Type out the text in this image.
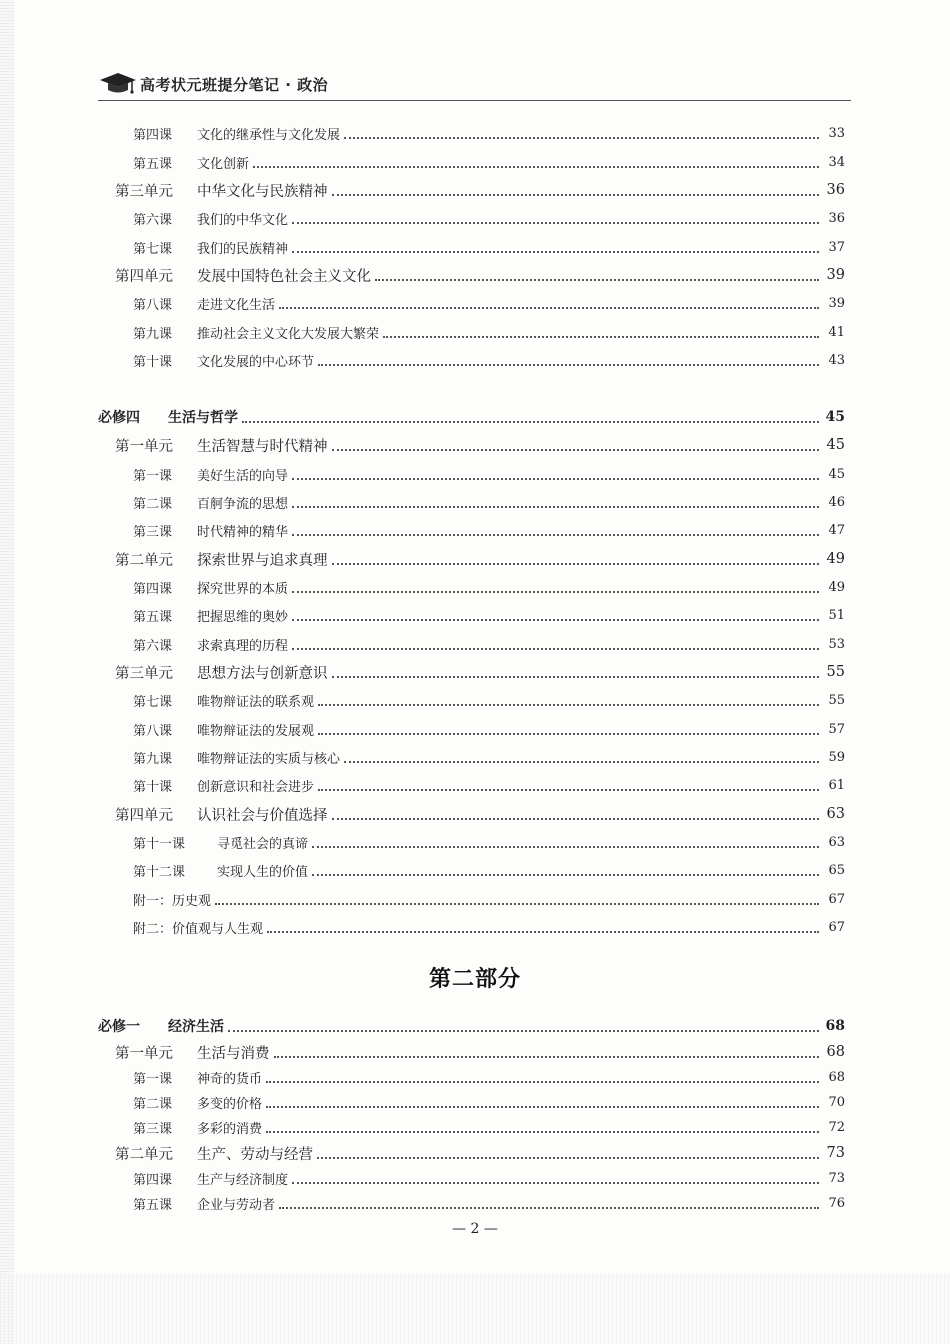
高考状元班提分笔记 · 政治
第四课	文化的继承性与文化发展	33
第五课	文化创新	34
第三单元	中华文化与民族精神	36
第六课	我们的中华文化	36
第七课	我们的民族精神	37
第四单元	发展中国特色社会主义文化	39
第八课	走进文化生活	39
第九课	推动社会主义文化大发展大繁荣	41
第十课	文化发展的中心环节	43
必修四	生活与哲学	45
第一单元	生活智慧与时代精神	45
第一课	美好生活的向导	45
第二课	百舸争流的思想	46
第三课	时代精神的精华	47
第二单元	探索世界与追求真理	49
第四课	探究世界的本质	49
第五课	把握思维的奥妙	51
第六课	求索真理的历程	53
第三单元	思想方法与创新意识	55
第七课	唯物辩证法的联系观	55
第八课	唯物辩证法的发展观	57
第九课	唯物辩证法的实质与核心	59
第十课	创新意识和社会进步	61
第四单元	认识社会与价值选择	63
第十一课	寻觅社会的真谛	63
第十二课	实现人生的价值	65
附一： 历史观	67
附二： 价值观与人生观	67
必修一	经济生活	68
第一单元	生活与消费	68
第一课	神奇的货币	68
第二课	多变的价格	70
第三课	多彩的消费	72
第二单元	生产、劳动与经营	73
第四课	生产与经济制度	73
第五课	企业与劳动者	76
第二部分
— 2 —
